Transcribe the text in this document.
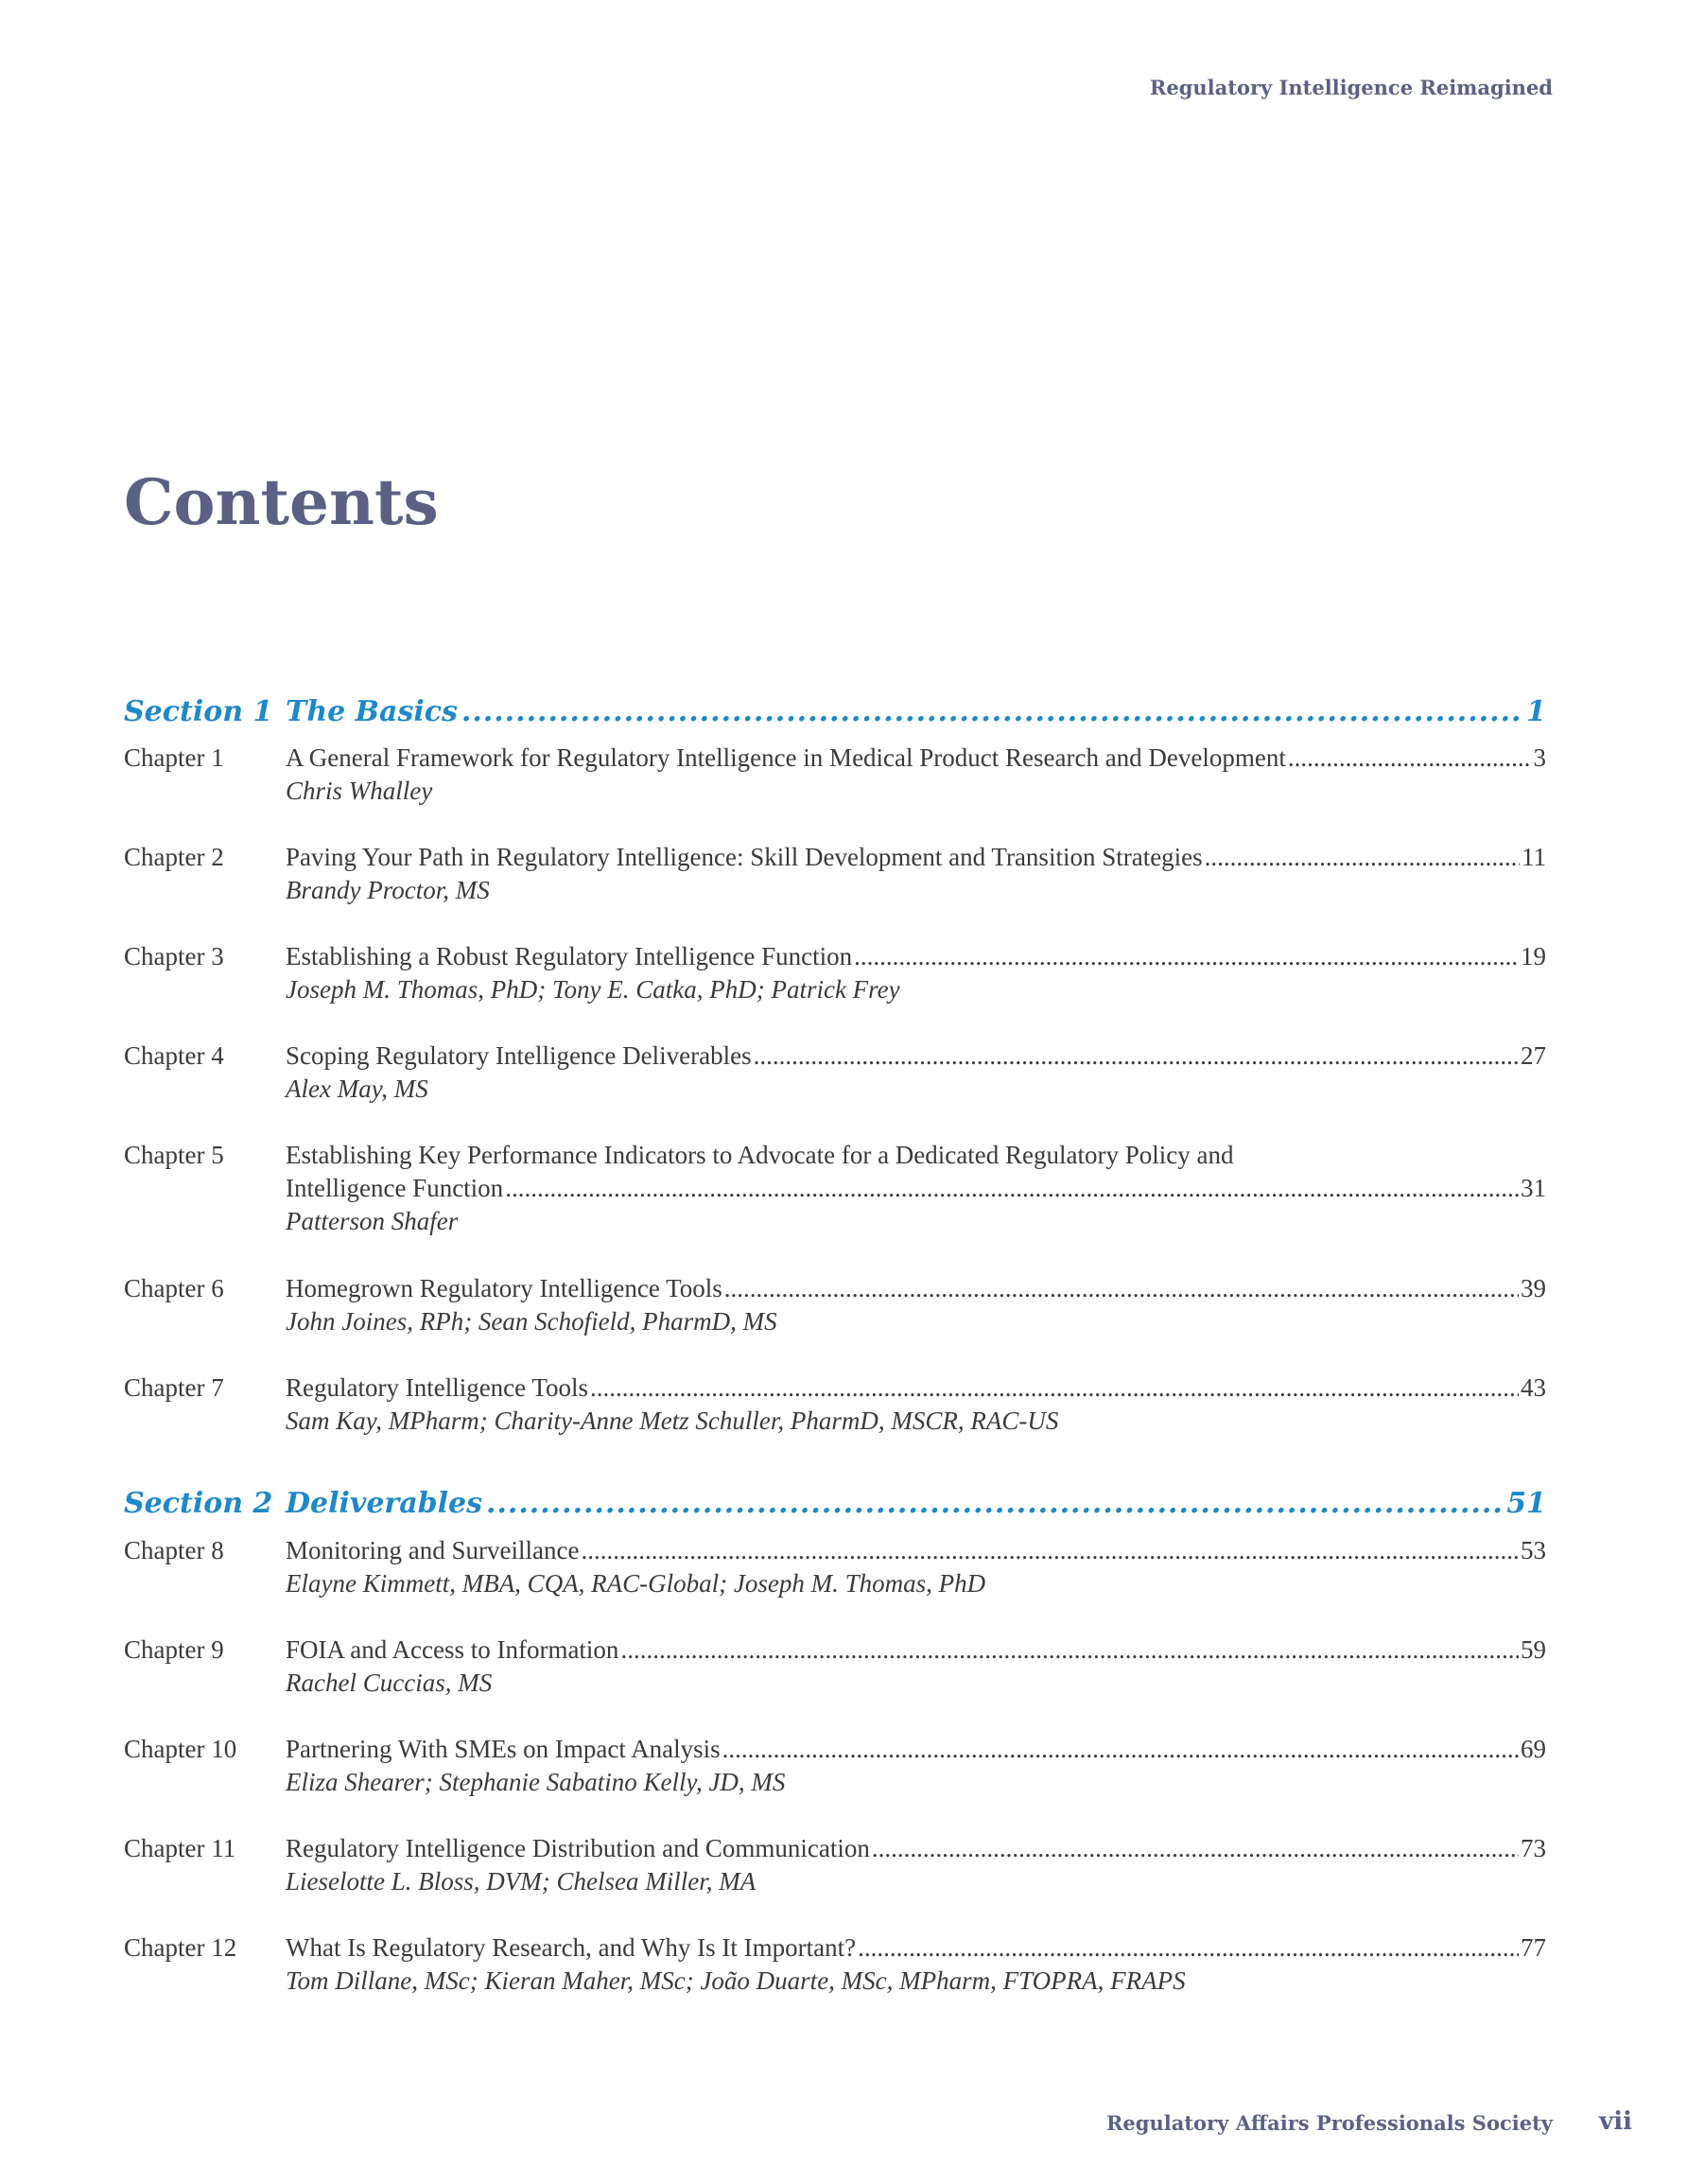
Regulatory Intelligence Reimagined
Contents
Section 1 The Basics .....	1
Chapter 1	A General Framework for Regulatory Intelligence in Medical Product Research and Development .....	3
Chris Whalley
Chapter 2	Paving Your Path in Regulatory Intelligence: Skill Development and Transition Strategies .....	11
Brandy Proctor, MS
Chapter 3	Establishing a Robust Regulatory Intelligence Function .....	19
Joseph M. Thomas, PhD; Tony E. Catka, PhD; Patrick Frey
Chapter 4	Scoping Regulatory Intelligence Deliverables .....	27
Alex May, MS
Chapter 5	Establishing Key Performance Indicators to Advocate for a Dedicated Regulatory Policy and
Intelligence Function .....	31
Patterson Shafer
Chapter 6	Homegrown Regulatory Intelligence Tools .....	39
John Joines, RPh; Sean Schofield, PharmD, MS
Chapter 7	Regulatory Intelligence Tools .....	43
Sam Kay, MPharm; Charity-Anne Metz Schuller, PharmD, MSCR, RAC-US
Section 2 Deliverables .....	51
Chapter 8	Monitoring and Surveillance .....	53
Elayne Kimmett, MBA, CQA, RAC-Global; Joseph M. Thomas, PhD
Chapter 9	FOIA and Access to Information .....	59
Rachel Cuccias, MS
Chapter 10	Partnering With SMEs on Impact Analysis .....	69
Eliza Shearer; Stephanie Sabatino Kelly, JD, MS
Chapter 11	Regulatory Intelligence Distribution and Communication .....	73
Lieselotte L. Bloss, DVM; Chelsea Miller, MA
Chapter 12	What Is Regulatory Research, and Why Is It Important? .....	77
Tom Dillane, MSc; Kieran Maher, MSc; João Duarte, MSc, MPharm, FTOPRA, FRAPS
Regulatory Affairs Professionals Society vii
